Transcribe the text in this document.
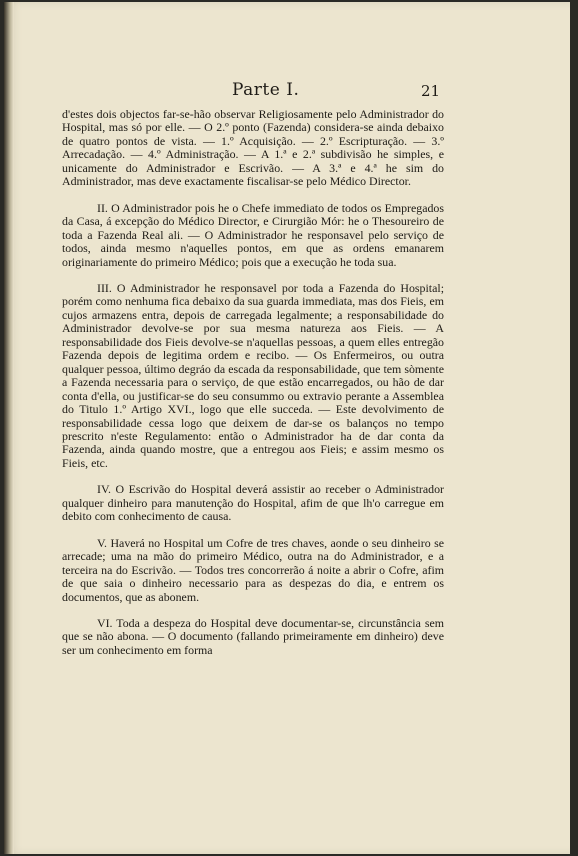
Parte I.	21

d'estes dois objectos far-se-hão observar Religiosamente pelo Administrador do Hospital, mas só por elle. — O 2.º ponto (Fazenda) considera-se ainda debaixo de quatro pontos de vista. — 1.º Acquisição. — 2.º Escripturação. — 3.º Arrecadação. — 4.º Administração. — A 1.ª e 2.ª subdivisão he simples, e unicamente do Administrador e Escrivão. — A 3.ª e 4.ª he sim do Administrador, mas deve exactamente fiscalisar-se pelo Médico Director.

II. O Administrador pois he o Chefe immediato de todos os Empregados da Casa, á excepção do Médico Director, e Cirurgião Mór: he o Thesoureiro de toda a Fazenda Real ali. — O Administrador he responsavel pelo serviço de todos, ainda mesmo n'aquelles pontos, em que as ordens emanarem originariamente do primeiro Médico; pois que a execução he toda sua.

III. O Administrador he responsavel por toda a Fazenda do Hospital; porém como nenhuma fica debaixo da sua guarda immediata, mas dos Fieis, em cujos armazens entra, depois de carregada legalmente; a responsabilidade do Administrador devolve-se por sua mesma natureza aos Fieis. — A responsabilidade dos Fieis devolve-se n'aquellas pessoas, a quem elles entregão Fazenda depois de legitima ordem e recibo. — Os Enfermeiros, ou outra qualquer pessoa, último degráo da escada da responsabilidade, que tem sòmente a Fazenda necessaria para o serviço, de que estão encarregados, ou hão de dar conta d'ella, ou justificar-se do seu consummo ou extravio perante a Assemblea do Titulo 1.º Artigo XVI., logo que elle succeda. — Este devolvimento de responsabilidade cessa logo que deixem de dar-se os balanços no tempo prescrito n'este Regulamento: então o Administrador ha de dar conta da Fazenda, ainda quando mostre, que a entregou aos Fieis; e assim mesmo os Fieis, etc.

IV. O Escrivão do Hospital deverá assistir ao receber o Administrador qualquer dinheiro para manutenção do Hospital, afim de que lh'o carregue em debito com conhecimento de causa.

V. Haverá no Hospital um Cofre de tres chaves, aonde o seu dinheiro se arrecade; uma na mão do primeiro Médico, outra na do Administrador, e a terceira na do Escrivão. — Todos tres concorrerão á noite a abrir o Cofre, afim de que saia o dinheiro necessario para as despezas do dia, e entrem os documentos, que as abonem.

VI. Toda a despeza do Hospital deve documentar-se, circunstância sem que se não abona. — O documento (fallando primeiramente em dinheiro) deve ser um conhecimento em forma
